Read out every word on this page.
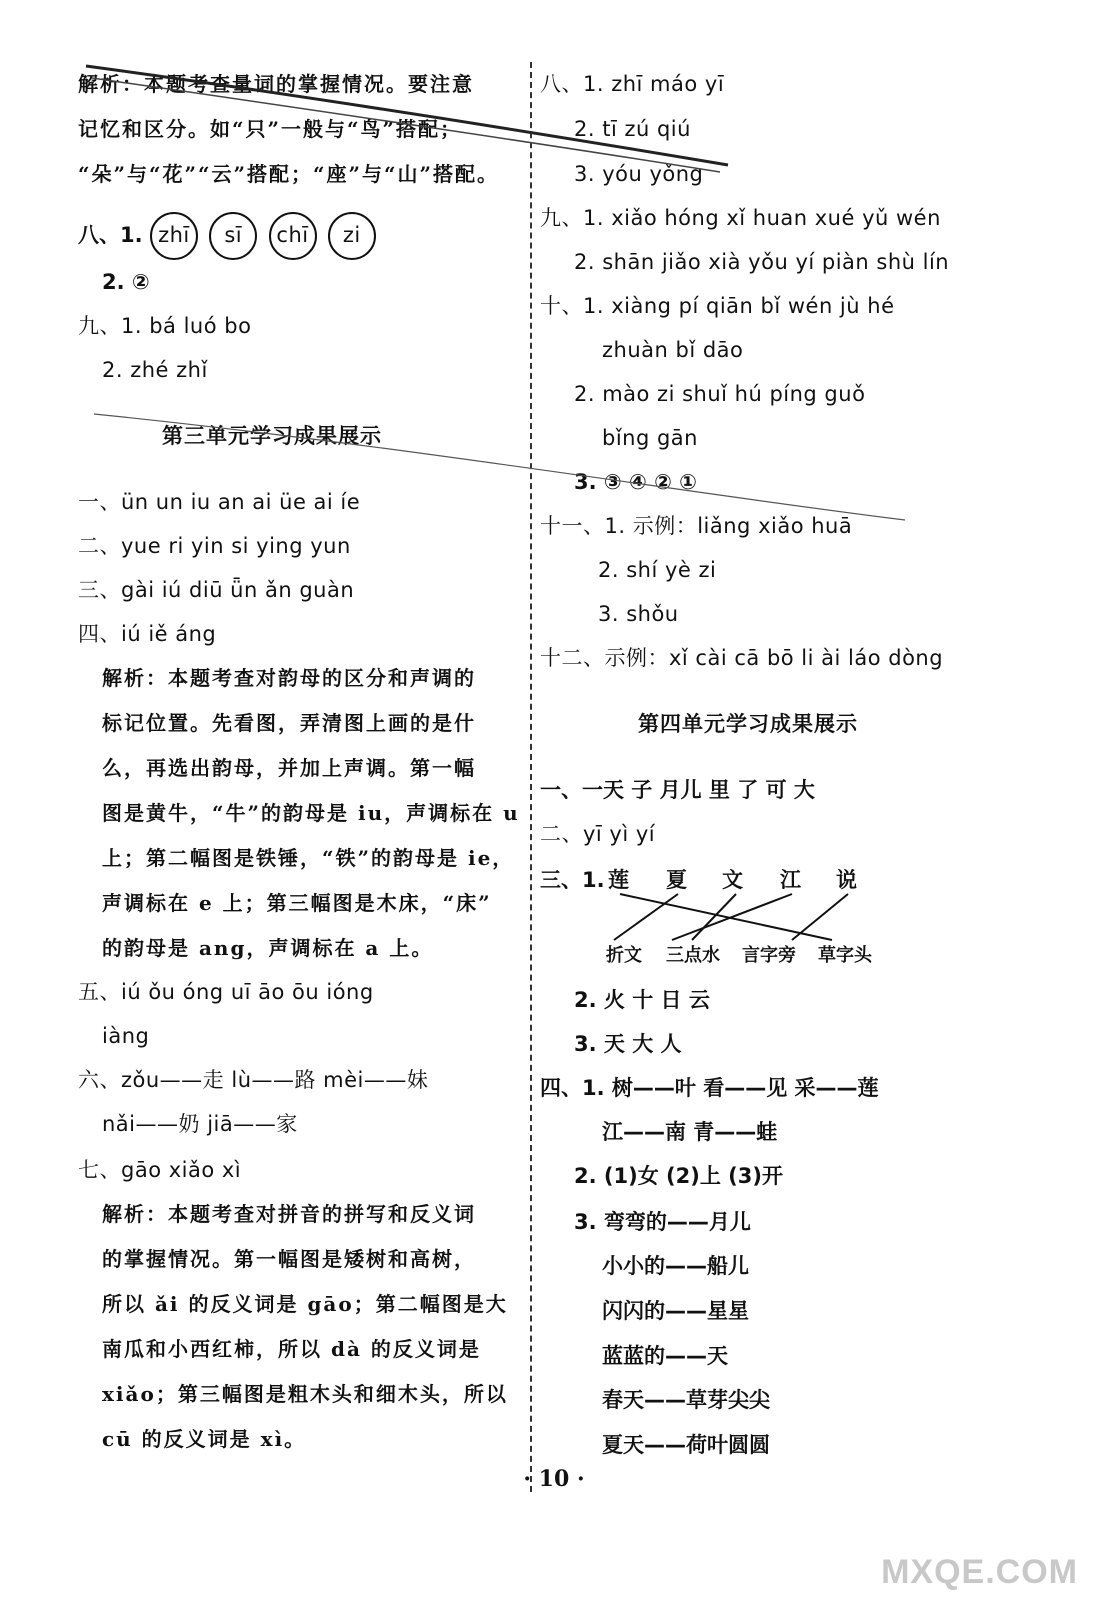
解析：本题考查量词的掌握情况。要注意
记忆和区分。如“只”一般与“鸟”搭配；
“朵”与“花”“云”搭配；“座”与“山”搭配。
八、1. zhī sī chī zi
2. ②
九、1. bá luó bo
2. zhé zhǐ
第三单元学习成果展示
一、ün un iu an ai üe ai íe
二、yue ri yin si ying yun
三、gài iú diū ǖn ǎn guàn
四、iú iě áng
解析：本题考查对韵母的区分和声调的
标记位置。先看图，弄清图上画的是什
么，再选出韵母，并加上声调。第一幅
图是黄牛，“牛”的韵母是 iu，声调标在 u
上；第二幅图是铁锤，“铁”的韵母是 ie，
声调标在 e 上；第三幅图是木床，“床”
的韵母是 ang，声调标在 a 上。
五、iú ǒu óng uī āo ōu ióng
iàng
六、zǒu——走 lù——路 mèi——妹
nǎi——奶 jiā——家
七、gāo xiǎo xì
解析：本题考查对拼音的拼写和反义词
的掌握情况。第一幅图是矮树和高树，
所以 ǎi 的反义词是 gāo；第二幅图是大
南瓜和小西红柿，所以 dà 的反义词是
xiǎo；第三幅图是粗木头和细木头，所以
cū 的反义词是 xì。
八、1. zhī máo yī
2. tī zú qiú
3. yóu yǒng
九、1. xiǎo hóng xǐ huan xué yǔ wén
2. shān jiǎo xià yǒu yí piàn shù lín
十、1. xiàng pí qiān bǐ wén jù hé
zhuàn bǐ dāo
2. mào zi shuǐ hú píng guǒ
bǐng gān
3. ③ ④ ② ①
十一、1. 示例：liǎng xiǎo huā
2. shí yè zi
3. shǒu
十二、示例：xǐ cài cā bō li ài láo dòng
第四单元学习成果展示
一、一天 子 月儿 里 了 可 大
二、yī yì yí
三、1. 莲 夏 文 江 说
折文 三点水 言字旁 草字头
2. 火 十 日 云
3. 天 大 人
四、1. 树——叶 看——见 采——莲
江——南 青——蛙
2. (1)女 (2)上 (3)开
3. 弯弯的——月儿
小小的——船儿
闪闪的——星星
蓝蓝的——天
春天——草芽尖尖
夏天——荷叶圆圆
· 10 ·
MXQE.COM
